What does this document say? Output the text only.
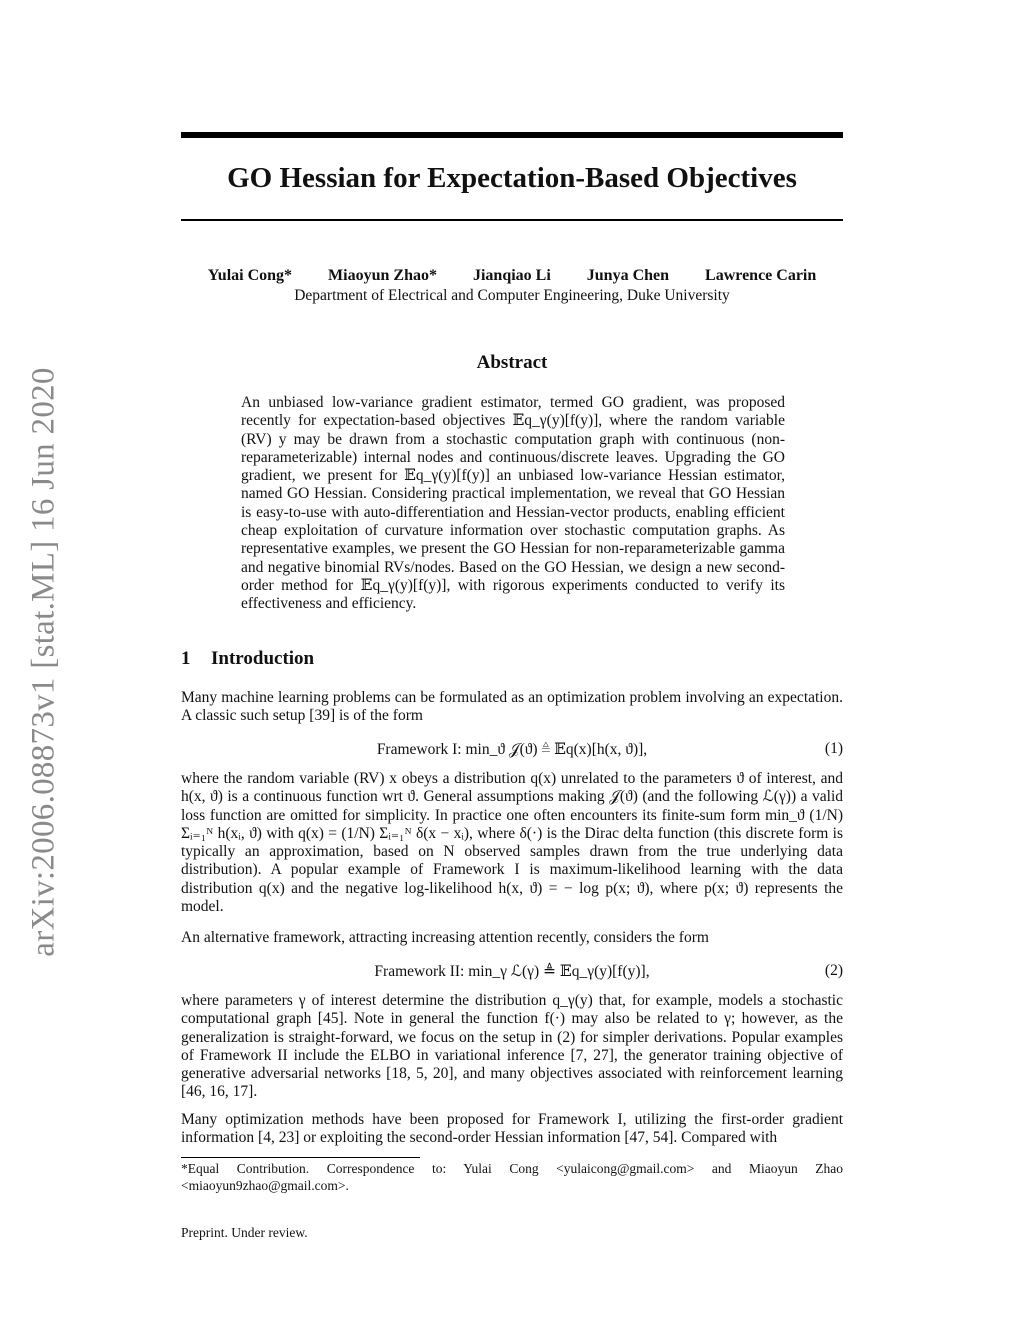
arXiv:2006.08873v1 [stat.ML] 16 Jun 2020
GO Hessian for Expectation-Based Objectives
Yulai Cong* Miaoyun Zhao* Jianqiao Li Junya Chen Lawrence Carin
Department of Electrical and Computer Engineering, Duke University
Abstract

An unbiased low-variance gradient estimator, termed GO gradient, was proposed recently for expectation-based objectives 𝔼q_γ(y)[f(y)], where the random variable (RV) y may be drawn from a stochastic computation graph with continuous (non-reparameterizable) internal nodes and continuous/discrete leaves. Upgrading the GO gradient, we present for 𝔼q_γ(y)[f(y)] an unbiased low-variance Hessian estimator, named GO Hessian. Considering practical implementation, we reveal that GO Hessian is easy-to-use with auto-differentiation and Hessian-vector products, enabling efficient cheap exploitation of curvature information over stochastic computation graphs. As representative examples, we present the GO Hessian for non-reparameterizable gamma and negative binomial RVs/nodes. Based on the GO Hessian, we design a new second-order method for 𝔼q_γ(y)[f(y)], with rigorous experiments conducted to verify its effectiveness and efficiency.

1 Introduction

Many machine learning problems can be formulated as an optimization problem involving an expectation. A classic such setup [39] is of the form

Framework I: min_ϑ 𝒥(ϑ) ≜ 𝔼q(x)[h(x, ϑ)],	(1)

where the random variable (RV) x obeys a distribution q(x) unrelated to the parameters ϑ of interest, and h(x, ϑ) is a continuous function wrt ϑ. General assumptions making 𝒥(ϑ) (and the following ℒ(γ)) a valid loss function are omitted for simplicity. In practice one often encounters its finite-sum form min_ϑ (1/N) Σᵢ₌₁ᴺ h(xᵢ, ϑ) with q(x) = (1/N) Σᵢ₌₁ᴺ δ(x − xᵢ), where δ(·) is the Dirac delta function (this discrete form is typically an approximation, based on N observed samples drawn from the true underlying data distribution). A popular example of Framework I is maximum-likelihood learning with the data distribution q(x) and the negative log-likelihood h(x, ϑ) = − log p(x; ϑ), where p(x; ϑ) represents the model.

An alternative framework, attracting increasing attention recently, considers the form

Framework II: min_γ ℒ(γ) ≜ 𝔼q_γ(y)[f(y)],	(2)

where parameters γ of interest determine the distribution q_γ(y) that, for example, models a stochastic computational graph [45]. Note in general the function f(·) may also be related to γ; however, as the generalization is straight-forward, we focus on the setup in (2) for simpler derivations. Popular examples of Framework II include the ELBO in variational inference [7, 27], the generator training objective of generative adversarial networks [18, 5, 20], and many objectives associated with reinforcement learning [46, 16, 17].

Many optimization methods have been proposed for Framework I, utilizing the first-order gradient information [4, 23] or exploiting the second-order Hessian information [47, 54]. Compared with

*Equal Contribution. Correspondence to: Yulai Cong <yulaicong@gmail.com> and Miaoyun Zhao <miaoyun9zhao@gmail.com>.

Preprint. Under review.
